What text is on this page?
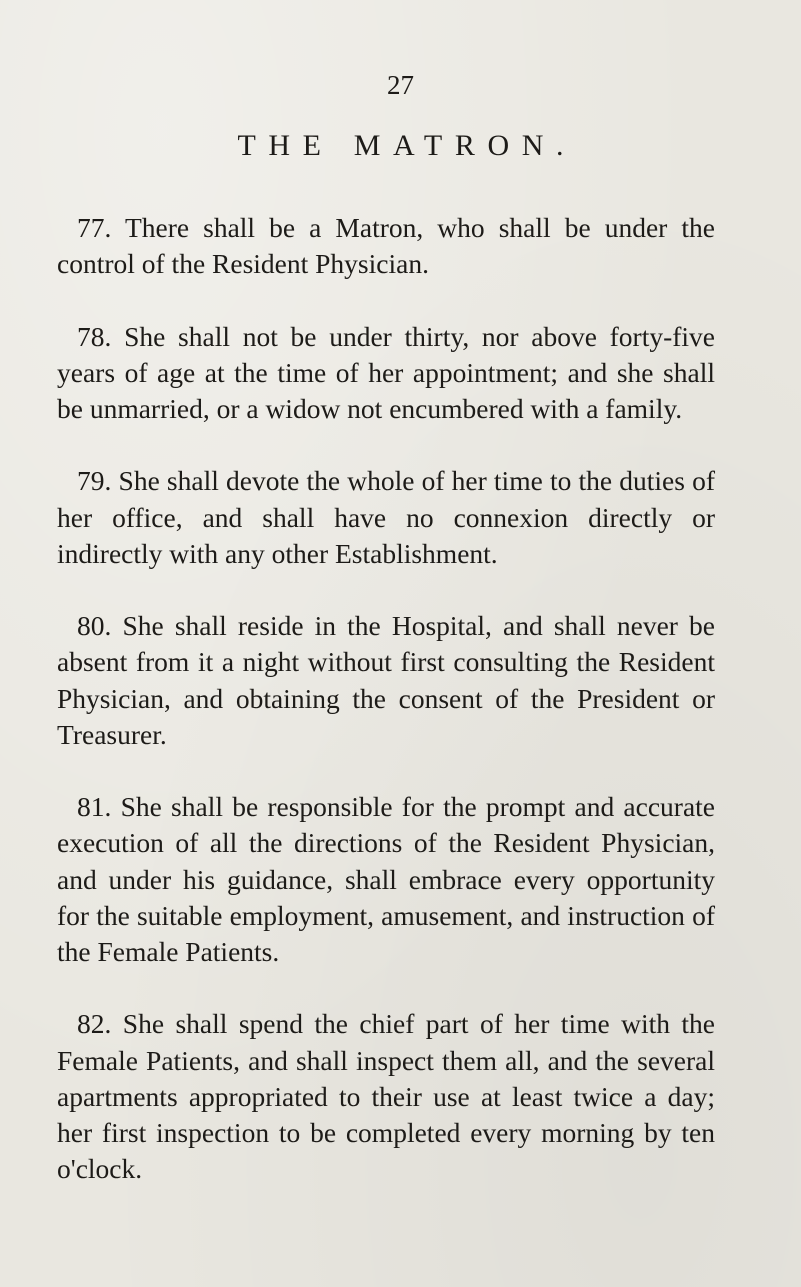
27
THE MATRON.

77. There shall be a Matron, who shall be under the control of the Resident Physician.

78. She shall not be under thirty, nor above forty-five years of age at the time of her appointment; and she shall be unmarried, or a widow not encumbered with a family.

79. She shall devote the whole of her time to the duties of her office, and shall have no connexion directly or indirectly with any other Establishment.

80. She shall reside in the Hospital, and shall never be absent from it a night without first consulting the Resident Physician, and obtaining the consent of the President or Treasurer.

81. She shall be responsible for the prompt and accurate execution of all the directions of the Resident Physician, and under his guidance, shall embrace every opportunity for the suitable employment, amusement, and instruction of the Female Patients.

82. She shall spend the chief part of her time with the Female Patients, and shall inspect them all, and the several apartments appropriated to their use at least twice a day; her first inspection to be completed every morning by ten o'clock.
